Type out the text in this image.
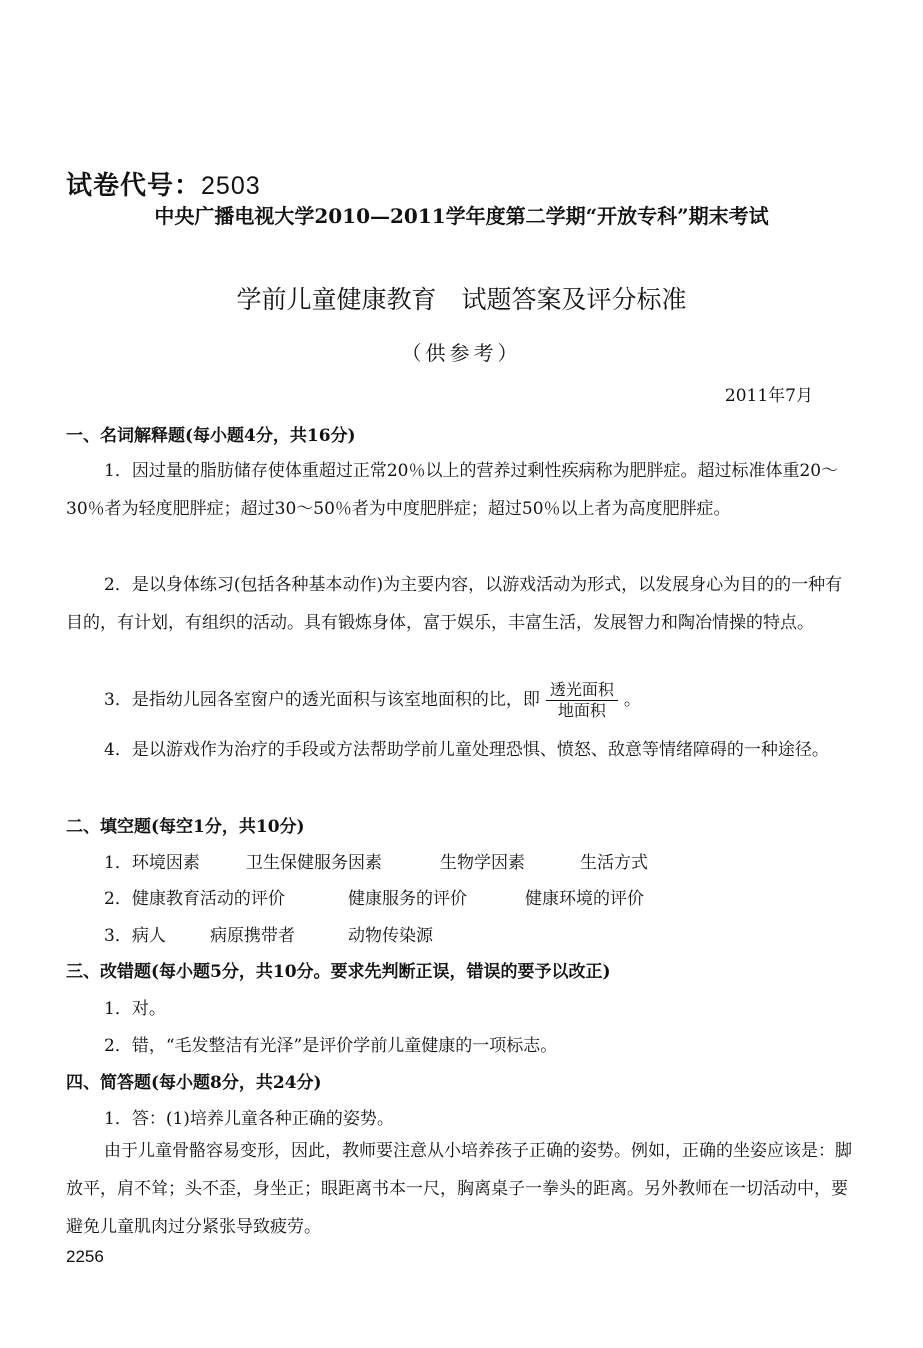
试卷代号：2503
中央广播电视大学2010—2011学年度第二学期“开放专科”期末考试
学前儿童健康教育　试题答案及评分标准
（供参考）
2011年7月
一、名词解释题(每小题4分，共16分)
1．因过量的脂肪储存使体重超过正常20％以上的营养过剩性疾病称为肥胖症。超过标准体重20～30％者为轻度肥胖症；超过30～50％者为中度肥胖症；超过50％以上者为高度肥胖症。
2．是以身体练习(包括各种基本动作)为主要内容，以游戏活动为形式，以发展身心为目的的一种有目的，有计划，有组织的活动。具有锻炼身体，富于娱乐，丰富生活，发展智力和陶冶情操的特点。
3．是指幼儿园各室窗户的透光面积与该室地面积的比，即 $\frac{\text{透光面积}}{\text{地面积}}$ 。
4．是以游戏作为治疗的手段或方法帮助学前儿童处理恐惧、愤怒、敌意等情绪障碍的一种途径。
二、填空题(每空1分，共10分)
1．环境因素	卫生保健服务因素	生物学因素	生活方式
2．健康教育活动的评价	健康服务的评价	健康环境的评价
3．病人	病原携带者	动物传染源
三、改错题(每小题5分，共10分。要求先判断正误，错误的要予以改正)
1．对。
2．错，“毛发整洁有光泽”是评价学前儿童健康的一项标志。
四、简答题(每小题8分，共24分)
1．答：(1)培养儿童各种正确的姿势。
由于儿童骨骼容易变形，因此，教师要注意从小培养孩子正确的姿势。例如，正确的坐姿应该是：脚放平，肩不耸；头不歪，身坐正；眼距离书本一尺，胸离桌子一拳头的距离。另外教师在一切活动中，要避免儿童肌肉过分紧张导致疲劳。
2256
